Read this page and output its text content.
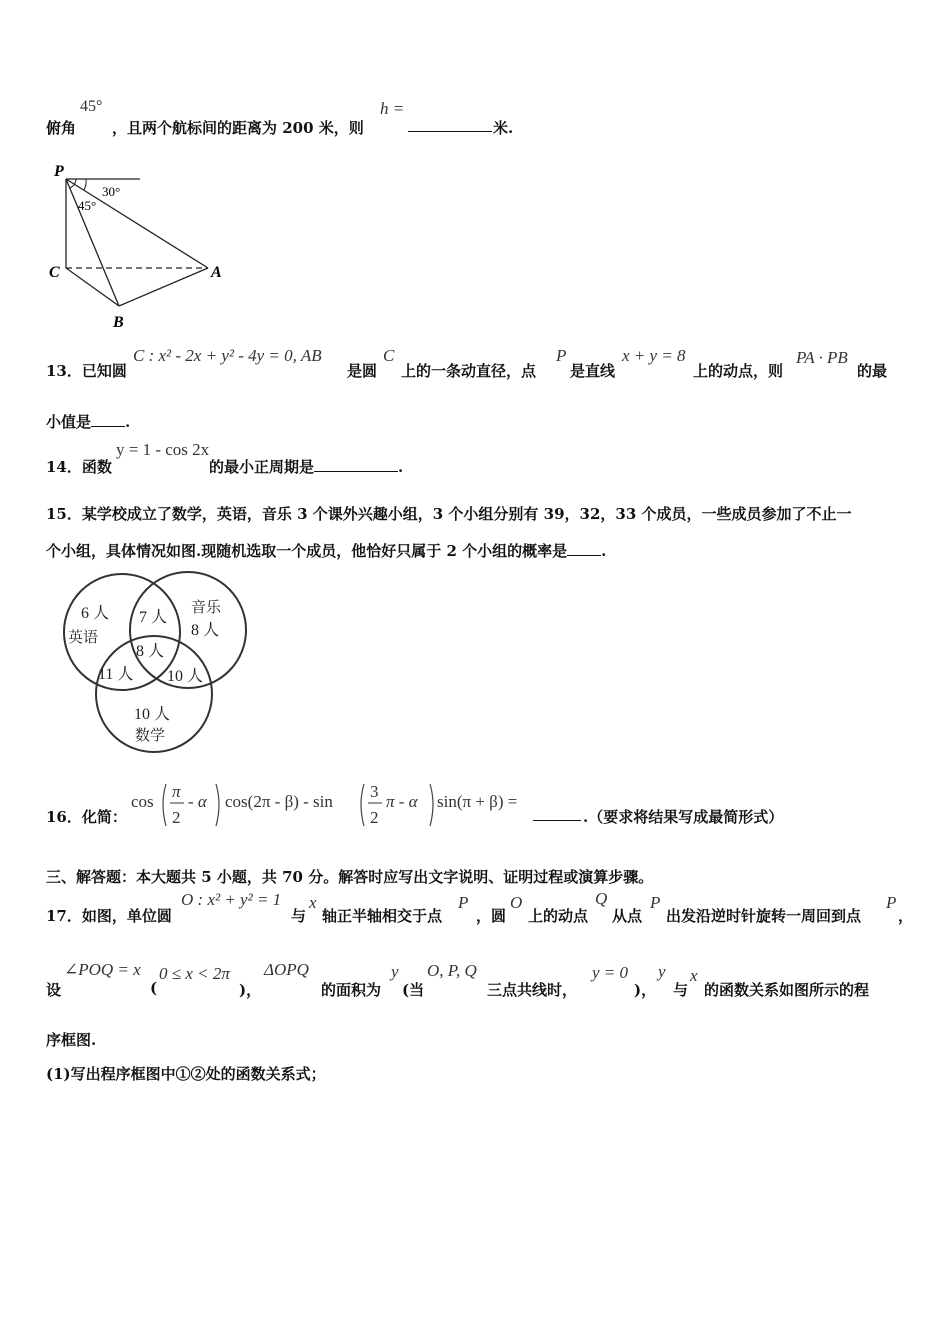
俯角
45°
，且两个航标间的距离为 200 米，则
h =
米.
P
C	A
B
30°
45°
13．已知圆
C : x² - 2x + y² - 4y = 0, AB
是圆
C
上的一条动直径，点
P
是直线
x + y = 8
上的动点，则
PA · PB
的最
小值是 .
14．函数
y = 1 - cos 2x
的最小正周期是	.
15．某学校成立了数学，英语，音乐 3 个课外兴趣小组，3 个小组分别有 39，32，33 个成员，一些成员参加了不止一
个小组，具体情况如图.现随机选取一个成员，他恰好只属于 2 个小组的概率是 .
6 人
英语
音乐
8 人
7 人
8 人
11 人 10 人
10 人
数学
16．化简：
cos
π
2
- α cos(2π - β) - sin
3
2
π - α sin(π + β) =
.（要求将结果写成最简形式）
三、解答题：本大题共 5 小题，共 70 分。解答时应写出文字说明、证明过程或演算步骤。
17．如图，单位圆
O : x² + y² = 1
与
x
轴正半轴相交于点
P
，圆
O
上的动点
Q
从点
P
出发沿逆时针旋转一周回到点
P
，
设
∠POQ = x
(
0 ≤ x < 2π
)，
ΔOPQ
的面积为
y
(当
O, P, Q
三点共线时，
y = 0
)，
y
与
x
的函数关系如图所示的程
序框图.
(1)写出程序框图中①②处的函数关系式；
